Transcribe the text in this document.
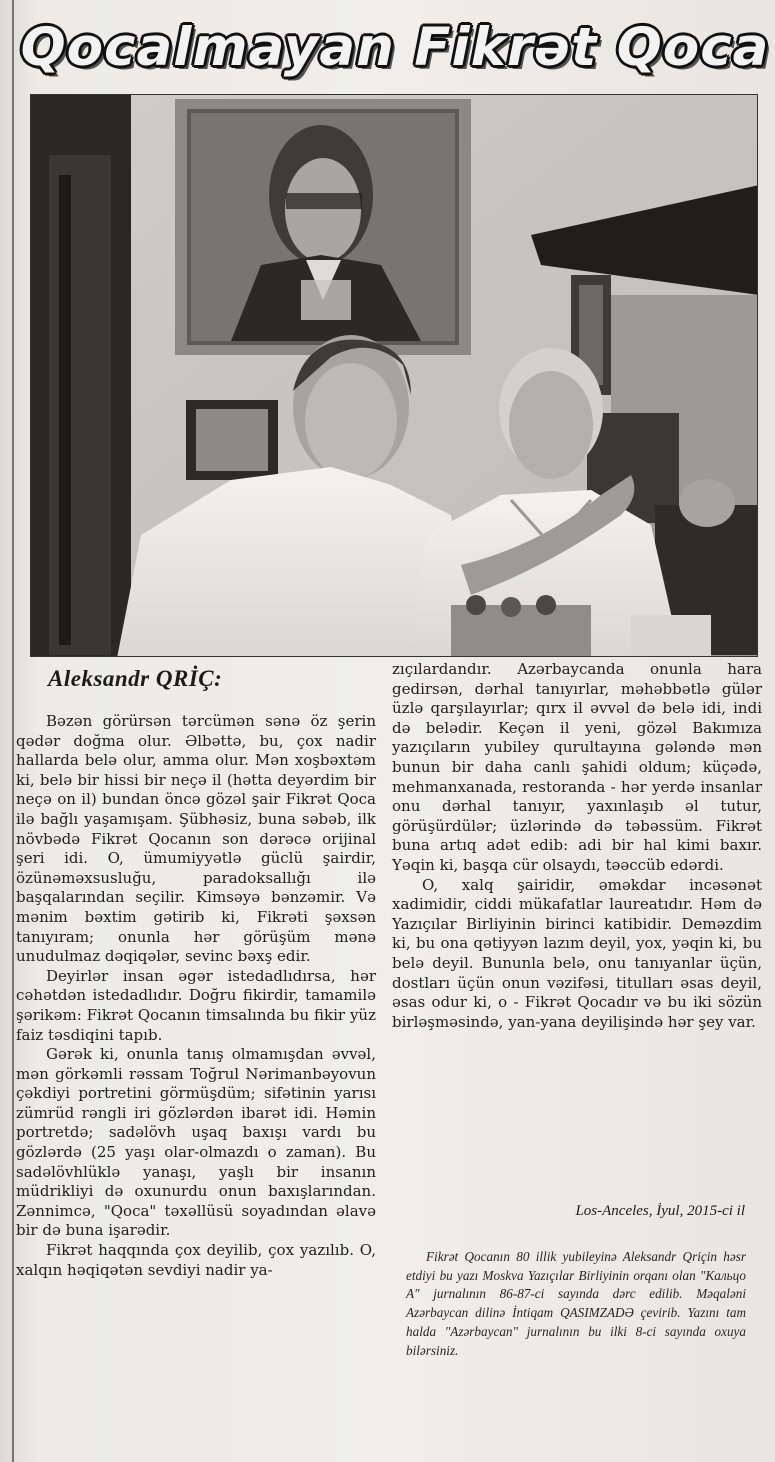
Qocalmayan Fikrət Qoca
Aleksandr QRİÇ:

Bəzən görürsən tərcümən sənə öz şerin qədər doğma olur. Əlbəttə, bu, çox nadir hallarda belə olur, amma olur. Mən xoşbəxtəm ki, belə bir hissi bir neçə il (hətta deyərdim bir neçə on il) bundan öncə gözəl şair Fikrət Qoca ilə bağlı yaşamışam. Şübhəsiz, buna səbəb, ilk növbədə Fikrət Qocanın son dərəcə orijinal şeri idi. O, ümumiyyətlə güclü şairdir, özünəməxsusluğu, paradoksallığı ilə başqalarından seçilir. Kimsəyə bənzəmir. Və mənim bəxtim gətirib ki, Fikrəti şəxsən tanıyıram; onunla hər görüşüm mənə unudulmaz dəqiqələr, sevinc bəxş edir.

Deyirlər insan əgər istedadlıdırsa, hər cəhətdən istedadlıdır. Doğru fikirdir, tamamilə şərikəm: Fikrət Qocanın timsalında bu fikir yüz faiz təsdiqini tapıb.

Gərək ki, onunla tanış olmamışdan əvvəl, mən görkəmli rəssam Toğrul Nərimanbəyovun çəkdiyi portretini görmüşdüm; sifətinin yarısı zümrüd rəngli iri gözlərdən ibarət idi. Həmin portretdə; sadəlövh uşaq baxışı vardı bu gözlərdə (25 yaşı olar-olmazdı o zaman). Bu sadəlövhlüklə yanaşı, yaşlı bir insanın müdrikliyi də oxunurdu onun baxışlarından. Zənnimcə, "Qoca" təxəllüsü soyadından əlavə bir də buna işarədir.

Fikrət haqqında çox deyilib, çox yazılıb. O, xalqın həqiqətən sevdiyi nadir ya-

zıçılardandır. Azərbaycanda onunla hara gedirsən, dərhal tanıyırlar, məhəbbətlə gülər üzlə qarşılayırlar; qırx il əvvəl də belə idi, indi də belədir. Keçən il yeni, gözəl Bakımıza yazıçıların yubiley qurultayına gələndə mən bunun bir daha canlı şahidi oldum; küçədə, mehmanxanada, restoranda - hər yerdə insanlar onu dərhal tanıyır, yaxınlaşıb əl tutur, görüşürdülər; üzlərində də təbəssüm. Fikrət buna artıq adət edib: adi bir hal kimi baxır. Yəqin ki, başqa cür olsaydı, təəccüb edərdi.

O, xalq şairidir, əməkdar incəsənət xadimidir, ciddi mükafatlar laureatıdır. Həm də Yazıçılar Birliyinin birinci katibidir. Deməzdim ki, bu ona qətiyyən lazım deyil, yox, yəqin ki, bu belə deyil. Bununla belə, onu tanıyanlar üçün, dostları üçün onun vəzifəsi, titulları əsas deyil, əsas odur ki, o - Fikrət Qocadır və bu iki sözün birləşməsində, yan-yana deyilişində hər şey var.

Los-Anceles, İyul, 2015-ci il

Fikrət Qocanın 80 illik yubileyinə Aleksandr Qriçin həsr etdiyi bu yazı Moskva Yazıçılar Birliyinin orqanı olan "Кальцо А" jurnalının 86-87-ci sayında dərc edilib. Məqaləni Azərbaycan dilinə İntiqam QASIMZADƏ çevirib. Yazını tam halda "Azərbaycan" jurnalının bu ilki 8-ci sayında oxuya bilərsiniz.
